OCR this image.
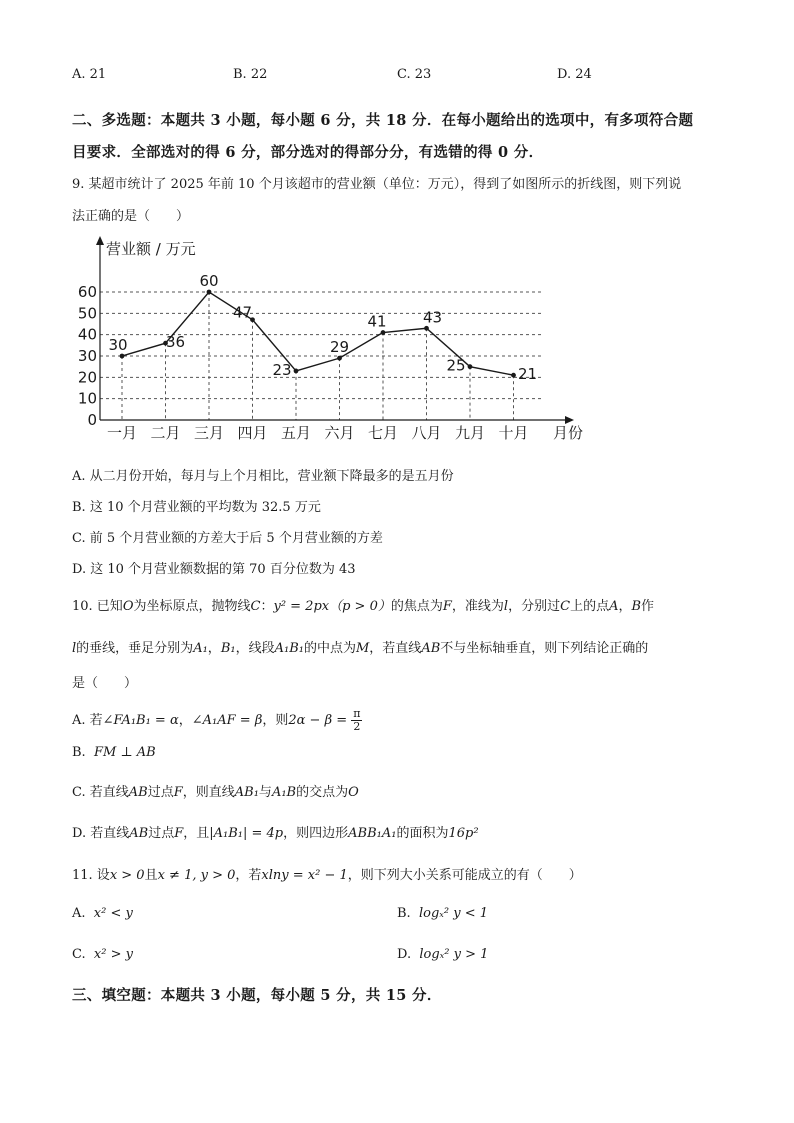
A. 21	B. 22	C. 23	D. 24
二、多选题：本题共 3 小题，每小题 6 分，共 18 分．在每小题给出的选项中，有多项符合题
目要求．全部选对的得 6 分，部分选对的得部分分，有选错的得 0 分．
9. 某超市统计了 2025 年前 10 个月该超市的营业额（单位：万元），得到了如图所示的折线图，则下列说
法正确的是（　　）
营业额 / 万元
月份
0
10
20
30
40
50
60
一月 二月 三月 四月 五月 六月 七月 八月 九月 十月
30	36
60
47
23
29
41 43
25	21
A. 从二月份开始，每月与上个月相比，营业额下降最多的是五月份
B. 这 10 个月营业额的平均数为 32.5 万元
C. 前 5 个月营业额的方差大于后 5 个月营业额的方差
D. 这 10 个月营业额数据的第 70 百分位数为 43
10. 已知O为坐标原点，抛物线C：y² = 2px（p > 0）的焦点为F，准线为l，分别过C上的点A，B作
l的垂线，垂足分别为A₁，B₁，线段A₁B₁的中点为M，若直线AB不与坐标轴垂直，则下列结论正确的
是（　　）
A. 若∠FA₁B₁ = α，∠A₁AF = β，则$2\alpha - \beta = \frac{\pi}{2}$
B. FM ⊥ AB
C. 若直线AB过点F，则直线AB₁与A₁B的交点为O
D. 若直线AB过点F，且|A₁B₁| = 4p，则四边形ABB₁A₁的面积为16p²
11. 设x > 0且x ≠ 1, y > 0，若xlny = x² − 1，则下列大小关系可能成立的有（　　）
A. x² < y	B. logₓ² y < 1
C. x² > y	D. logₓ² y > 1
三、填空题：本题共 3 小题，每小题 5 分，共 15 分．
